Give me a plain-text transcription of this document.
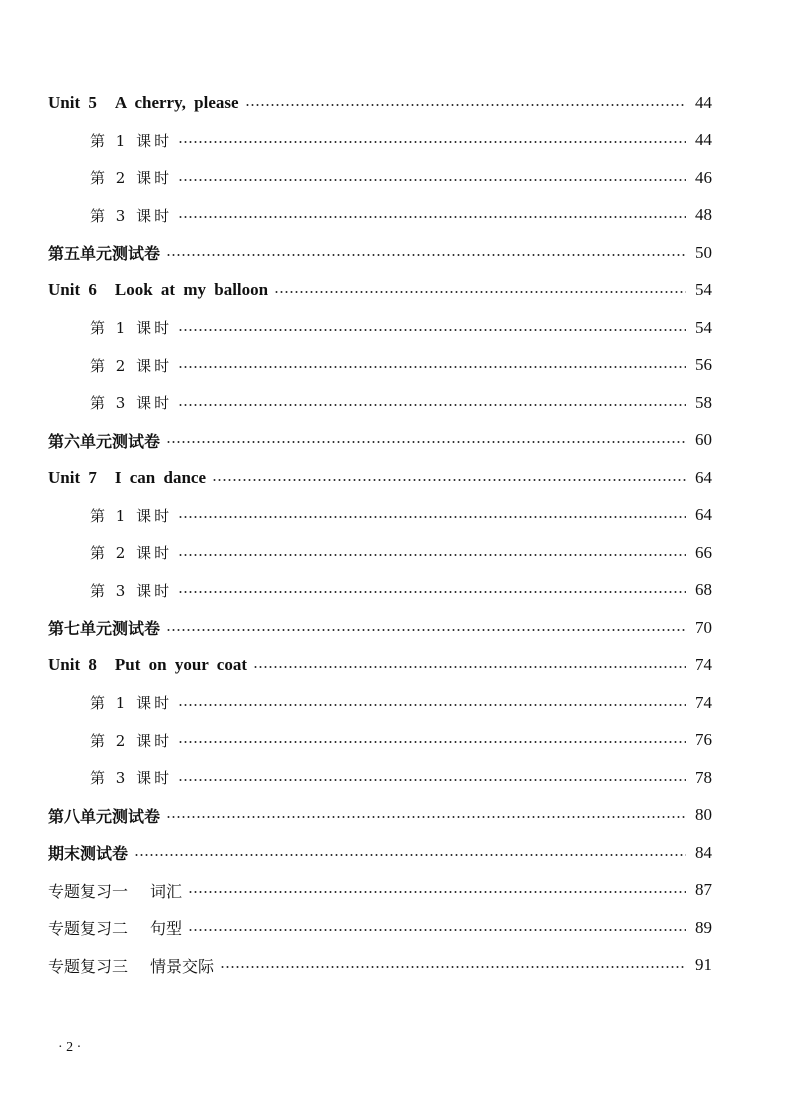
Unit 5 A cherry, please	44
第 1 课时	44
第 2 课时	46
第 3 课时	48
第五单元测试卷	50
Unit 6 Look at my balloon	54
第 1 课时	54
第 2 课时	56
第 3 课时	58
第六单元测试卷	60
Unit 7 I can dance	64
第 1 课时	64
第 2 课时	66
第 3 课时	68
第七单元测试卷	70
Unit 8 Put on your coat	74
第 1 课时	74
第 2 课时	76
第 3 课时	78
第八单元测试卷	80
期末测试卷	84
专题复习一 词汇	87
专题复习二 句型	89
专题复习三 情景交际	91
· 2 ·
